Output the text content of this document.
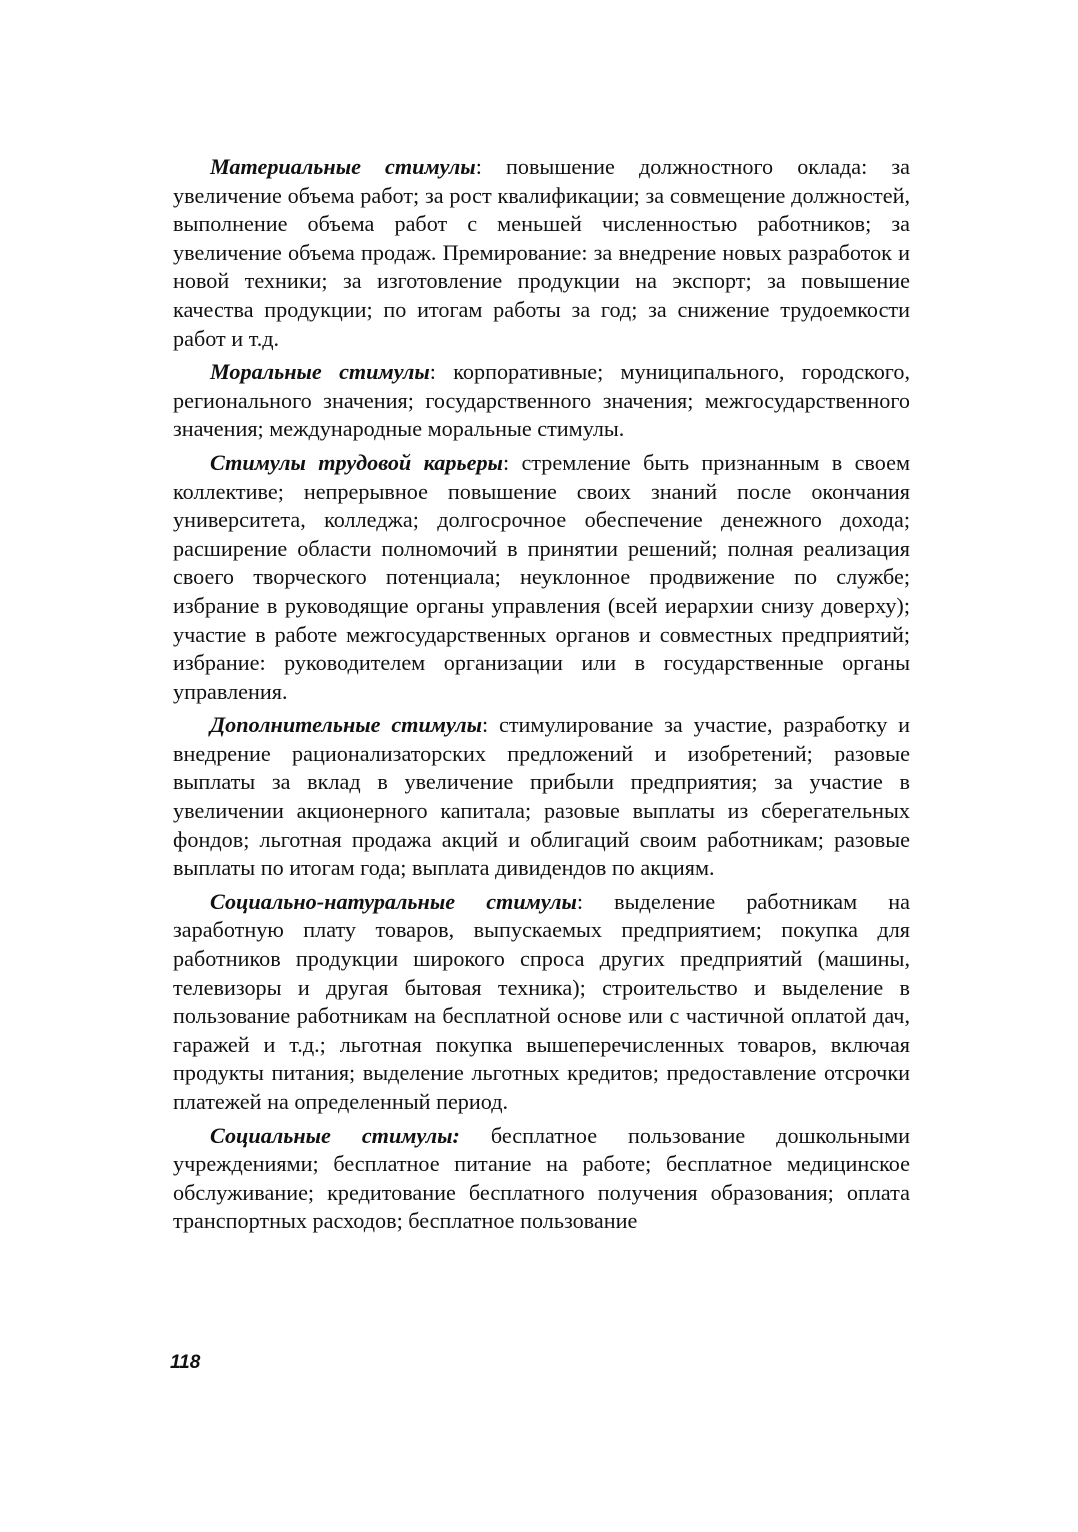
Материальные стимулы: повышение должностного оклада: за увеличение объема работ; за рост квалификации; за совмещение должностей, выполнение объема работ с меньшей численностью работников; за увеличение объема продаж. Премирование: за внедрение новых разработок и новой техники; за изготовление продукции на экспорт; за повышение качества продукции; по итогам работы за год; за снижение трудоемкости работ и т.д.

Моральные стимулы: корпоративные; муниципального, городского, регионального значения; государственного значения; межгосударственного значения; международные моральные стимулы.

Стимулы трудовой карьеры: стремление быть признанным в своем коллективе; непрерывное повышение своих знаний после окончания университета, колледжа; долгосрочное обеспечение денежного дохода; расширение области полномочий в принятии решений; полная реализация своего творческого потенциала; неуклонное продвижение по службе; избрание в руководящие органы управления (всей иерархии снизу доверху); участие в работе межгосударственных органов и совместных предприятий; избрание: руководителем организации или в государственные органы управления.

Дополнительные стимулы: стимулирование за участие, разработку и внедрение рационализаторских предложений и изобретений; разовые выплаты за вклад в увеличение прибыли предприятия; за участие в увеличении акционерного капитала; разовые выплаты из сберегательных фондов; льготная продажа акций и облигаций своим работникам; разовые выплаты по итогам года; выплата дивидендов по акциям.

Социально-натуральные стимулы: выделение работникам на заработную плату товаров, выпускаемых предприятием; покупка для работников продукции широкого спроса других предприятий (машины, телевизоры и другая бытовая техника); строительство и выделение в пользование работникам на бесплатной основе или с частичной оплатой дач, гаражей и т.д.; льготная покупка вышеперечисленных товаров, включая продукты питания; выделение льготных кредитов; предоставление отсрочки платежей на определенный период.

Социальные стимулы: бесплатное пользование дошкольными учреждениями; бесплатное питание на работе; бесплатное медицинское обслуживание; кредитование бесплатного получения образования; оплата транспортных расходов; бесплатное пользование

118
